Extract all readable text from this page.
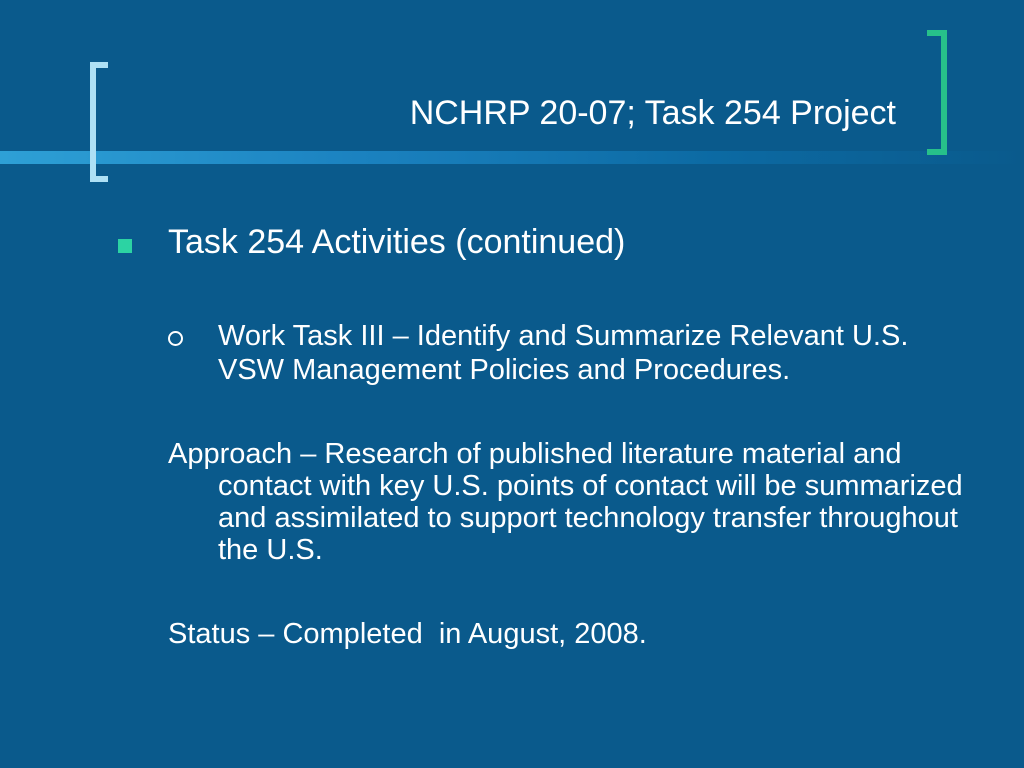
NCHRP 20-07; Task 254 Project
Task 254 Activities (continued)
Work Task III – Identify and Summarize Relevant U.S. VSW Management Policies and Procedures.
Approach – Research of published literature material and contact with key U.S. points of contact will be summarized and assimilated to support technology transfer throughout the U.S.
Status – Completed  in August, 2008.
